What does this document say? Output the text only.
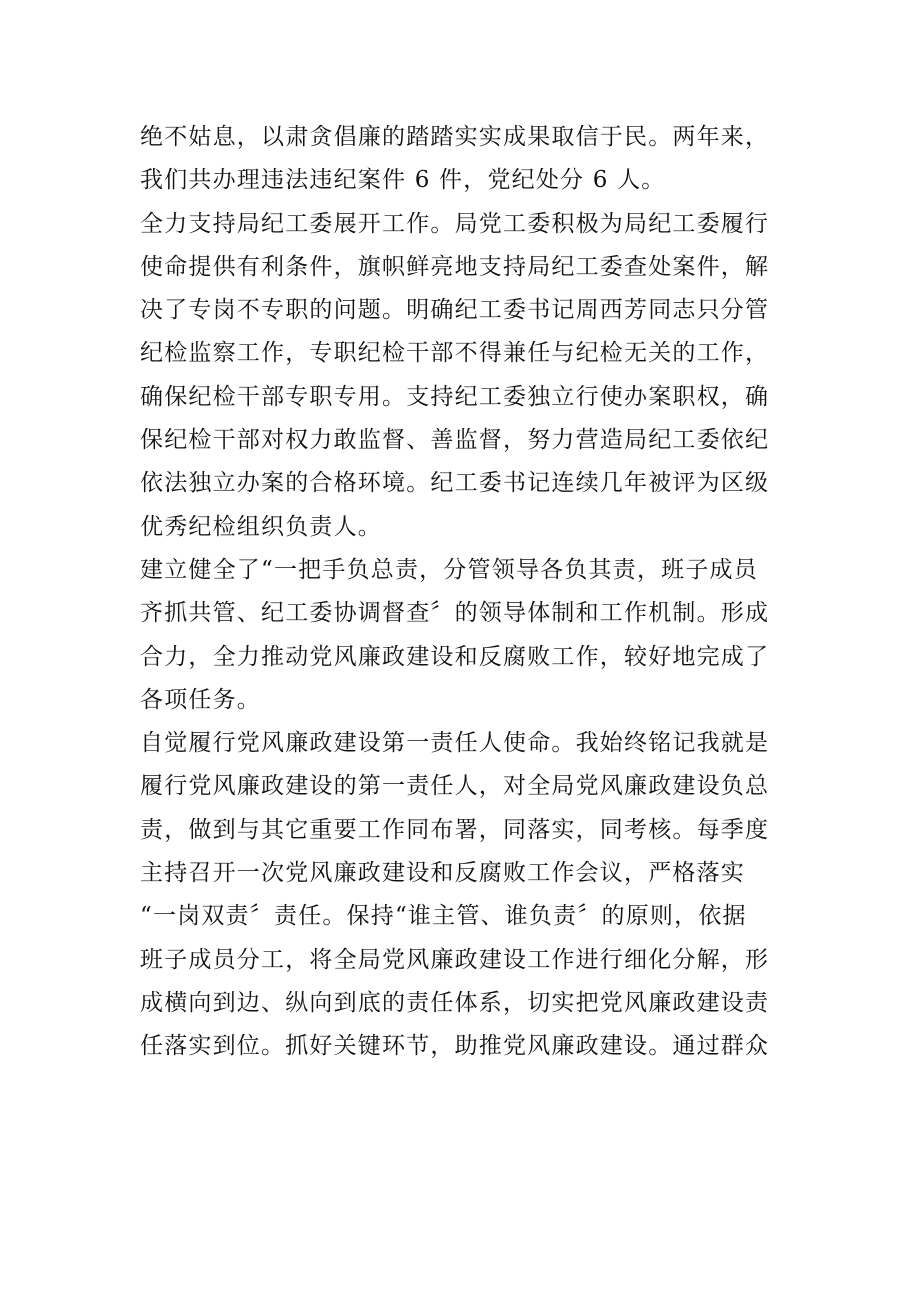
绝不姑息，以肃贪倡廉的踏踏实实成果取信于民。两年来，
我们共办理违法违纪案件 6 件，党纪处分 6 人。
全力支持局纪工委展开工作。局党工委积极为局纪工委履行
使命提供有利条件，旗帜鲜亮地支持局纪工委查处案件，解
决了专岗不专职的问题。明确纪工委书记周西芳同志只分管
纪检监察工作，专职纪检干部不得兼任与纪检无关的工作，
确保纪检干部专职专用。支持纪工委独立行使办案职权，确
保纪检干部对权力敢监督、善监督，努力营造局纪工委依纪
依法独立办案的合格环境。纪工委书记连续几年被评为区级
优秀纪检组织负责人。
建立健全了“一把手负总责，分管领导各负其责，班子成员
齐抓共管、纪工委协调督查〞的领导体制和工作机制。形成
合力，全力推动党风廉政建设和反腐败工作，较好地完成了
各项任务。
自觉履行党风廉政建设第一责任人使命。我始终铭记我就是
履行党风廉政建设的第一责任人，对全局党风廉政建设负总
责，做到与其它重要工作同布署，同落实，同考核。每季度
主持召开一次党风廉政建设和反腐败工作会议，严格落实
“一岗双责〞责任。保持“谁主管、谁负责〞的原则，依据
班子成员分工，将全局党风廉政建设工作进行细化分解，形
成横向到边、纵向到底的责任体系，切实把党风廉政建设责
任落实到位。抓好关键环节，助推党风廉政建设。通过群众
